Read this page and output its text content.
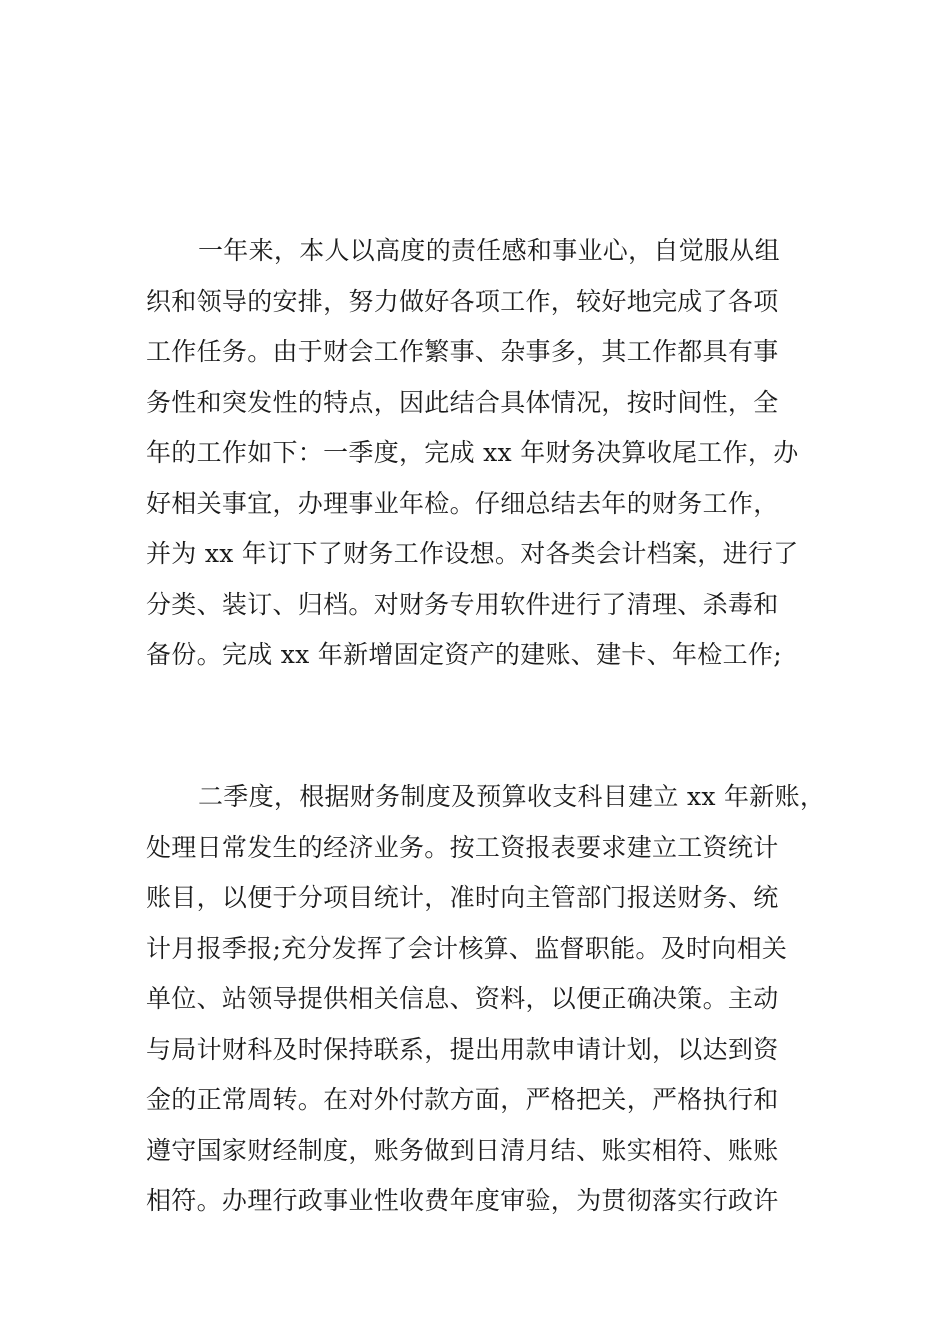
一年来，本人以高度的责任感和事业心，自觉服从组
织和领导的安排，努力做好各项工作，较好地完成了各项
工作任务。由于财会工作繁事、杂事多，其工作都具有事
务性和突发性的特点，因此结合具体情况，按时间性，全
年的工作如下：一季度，完成 xx 年财务决算收尾工作，办
好相关事宜，办理事业年检。仔细总结去年的财务工作，
并为 xx 年订下了财务工作设想。对各类会计档案，进行了
分类、装订、归档。对财务专用软件进行了清理、杀毒和
备份。完成 xx 年新增固定资产的建账、建卡、年检工作;
二季度，根据财务制度及预算收支科目建立 xx 年新账，
处理日常发生的经济业务。按工资报表要求建立工资统计
账目，以便于分项目统计，准时向主管部门报送财务、统
计月报季报;充分发挥了会计核算、监督职能。及时向相关
单位、站领导提供相关信息、资料，以便正确决策。主动
与局计财科及时保持联系，提出用款申请计划，以达到资
金的正常周转。在对外付款方面，严格把关，严格执行和
遵守国家财经制度，账务做到日清月结、账实相符、账账
相符。办理行政事业性收费年度审验，为贯彻落实行政许
